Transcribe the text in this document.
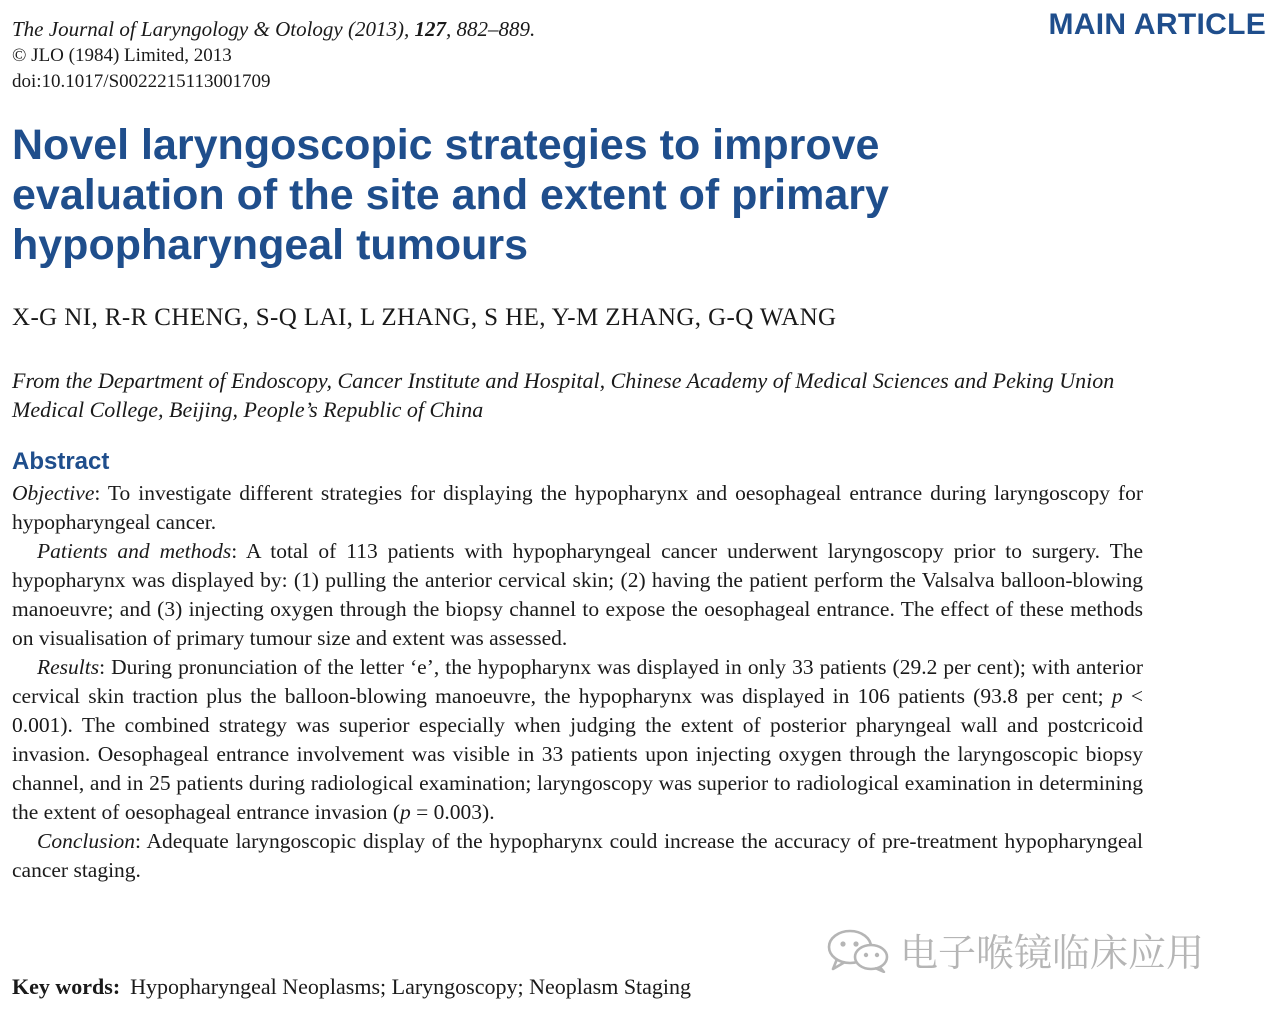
The Journal of Laryngology & Otology (2013), 127, 882–889.
© JLO (1984) Limited, 2013
doi:10.1017/S0022215113001709
MAIN ARTICLE
Novel laryngoscopic strategies to improve evaluation of the site and extent of primary hypopharyngeal tumours
X-G NI, R-R CHENG, S-Q LAI, L ZHANG, S HE, Y-M ZHANG, G-Q WANG
From the Department of Endoscopy, Cancer Institute and Hospital, Chinese Academy of Medical Sciences and Peking Union Medical College, Beijing, People’s Republic of China
Abstract

Objective: To investigate different strategies for displaying the hypopharynx and oesophageal entrance during laryngoscopy for hypopharyngeal cancer.

Patients and methods: A total of 113 patients with hypopharyngeal cancer underwent laryngoscopy prior to surgery. The hypopharynx was displayed by: (1) pulling the anterior cervical skin; (2) having the patient perform the Valsalva balloon-blowing manoeuvre; and (3) injecting oxygen through the biopsy channel to expose the oesophageal entrance. The effect of these methods on visualisation of primary tumour size and extent was assessed.

Results: During pronunciation of the letter ‘e’, the hypopharynx was displayed in only 33 patients (29.2 per cent); with anterior cervical skin traction plus the balloon-blowing manoeuvre, the hypopharynx was displayed in 106 patients (93.8 per cent; p < 0.001). The combined strategy was superior especially when judging the extent of posterior pharyngeal wall and postcricoid invasion. Oesophageal entrance involvement was visible in 33 patients upon injecting oxygen through the laryngoscopic biopsy channel, and in 25 patients during radiological examination; laryngoscopy was superior to radiological examination in determining the extent of oesophageal entrance invasion (p = 0.003).

Conclusion: Adequate laryngoscopic display of the hypopharynx could increase the accuracy of pre-treatment hypopharyngeal cancer staging.

电子喉镜临床应用
Key words: Hypopharyngeal Neoplasms; Laryngoscopy; Neoplasm Staging
